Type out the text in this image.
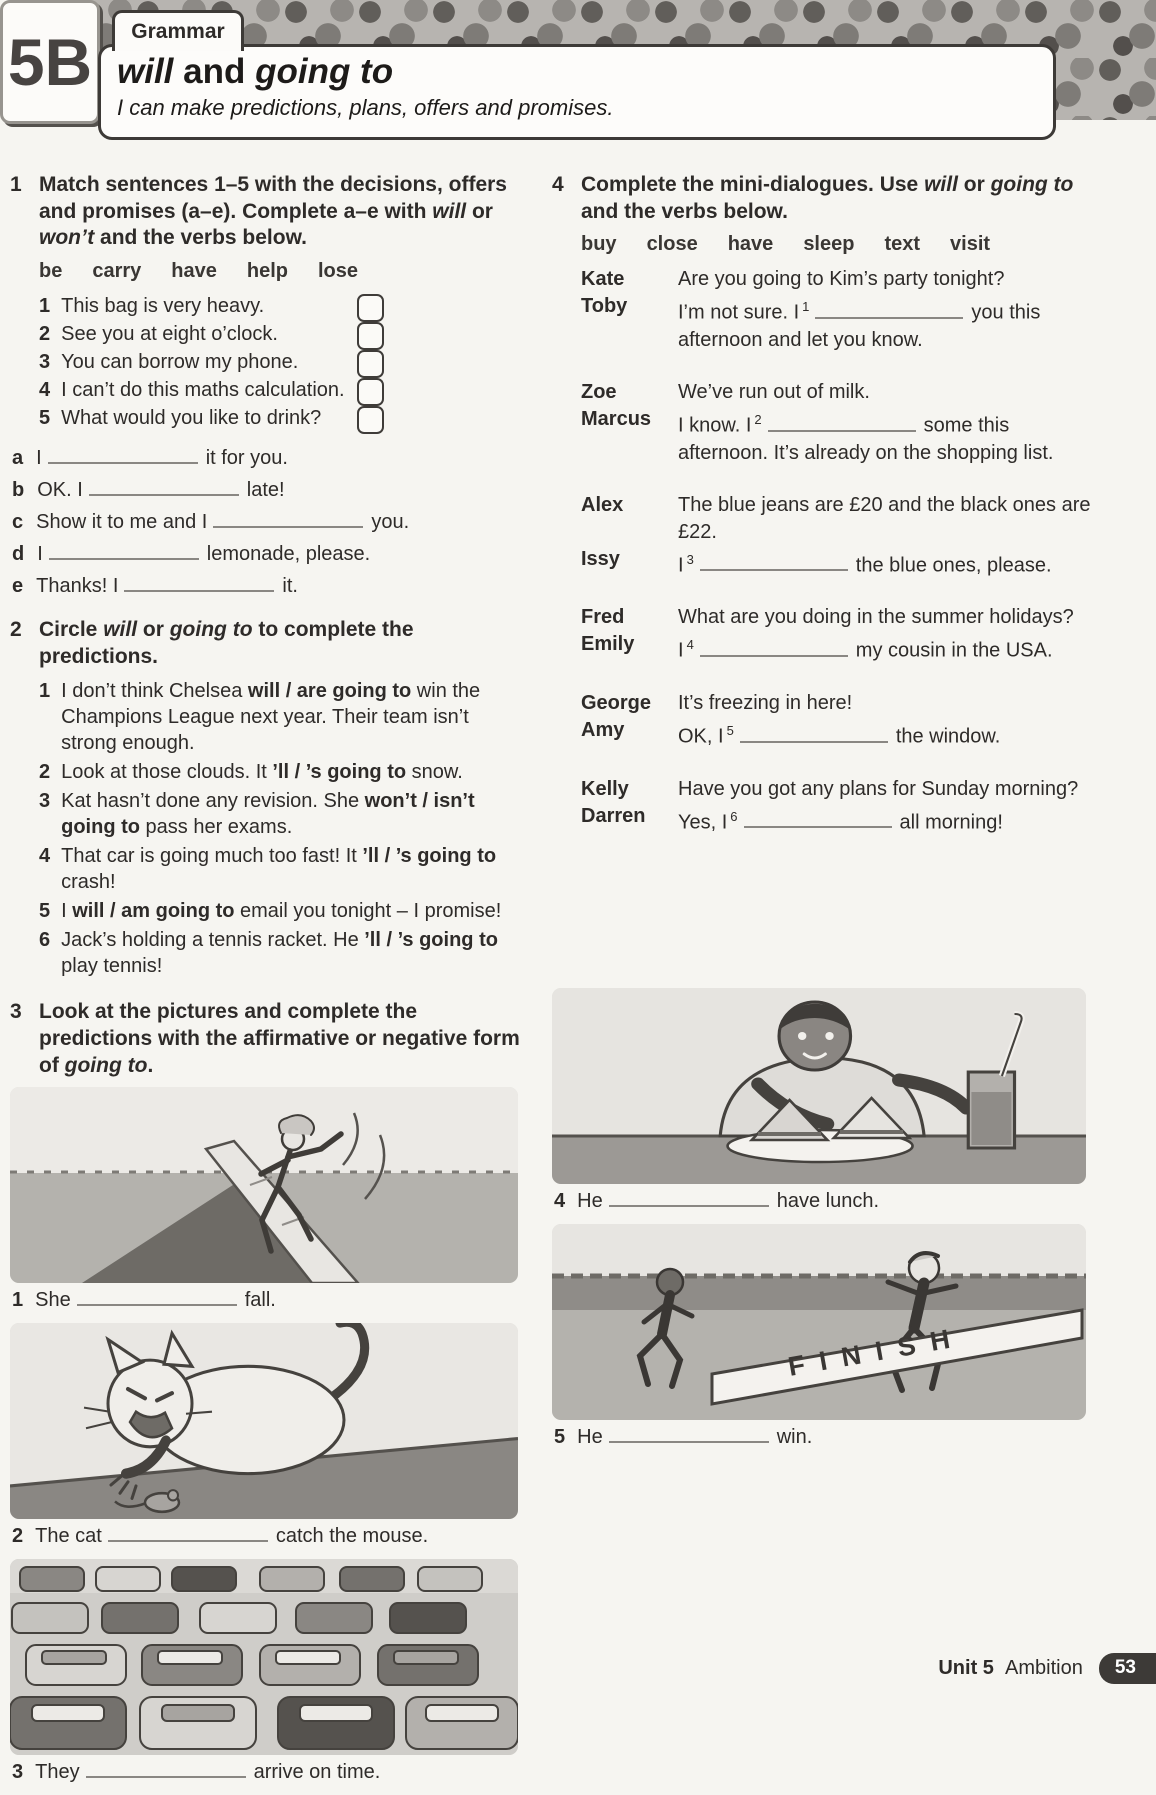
5B	Grammar
will and going to
I can make predictions, plans, offers and promises.
1 Match sentences 1–5 with the decisions, offers and promises (a–e). Complete a–e with will or won’t and the verbs below.
be carry have help lose
1 This bag is very heavy.
2 See you at eight o’clock.
3 You can borrow my phone.
4 I can’t do this maths calculation.
5 What would you like to drink?
a I	it for you.
b OK. I	late!
c Show it to me and I	you.
d I	lemonade, please.
e Thanks! I	it.
2 Circle will or going to to complete the predictions.
1 I don’t think Chelsea will / are going to win the Champions League next year. Their team isn’t strong enough.
2 Look at those clouds. It ’ll / ’s going to snow.
3 Kat hasn’t done any revision. She won’t / isn’t going to pass her exams.
4 That car is going much too fast! It ’ll / ’s going to crash!
5 I will / am going to email you tonight – I promise!
6 Jack’s holding a tennis racket. He ’ll / ’s going to play tennis!
3 Look at the pictures and complete the predictions with the affirmative or negative form of going to.
1 She	fall.
2 The cat	catch the mouse.
3 They	arrive on time.
4 Complete the mini-dialogues. Use will or going to and the verbs below.
buy close have sleep text visit
Kate	Are you going to Kim’s party tonight?
Toby	I’m not sure. I $^1$	you this afternoon and let you know.
Zoe	We’ve run out of milk.
Marcus	I know. I $^2$	some this afternoon. It’s already on the shopping list.
Alex	The blue jeans are £20 and the black ones are £22.
Issy	I $^3$	the blue ones, please.
Fred	What are you doing in the summer holidays?
Emily	I $^4$	my cousin in the USA.
George	It’s freezing in here!
Amy	OK, I $^5$	the window.
Kelly	Have you got any plans for Sunday morning?
Darren	Yes, I $^6$	all morning!
4 He	have lunch.
FINISH
5 He	win.
Unit 5 Ambition	53
